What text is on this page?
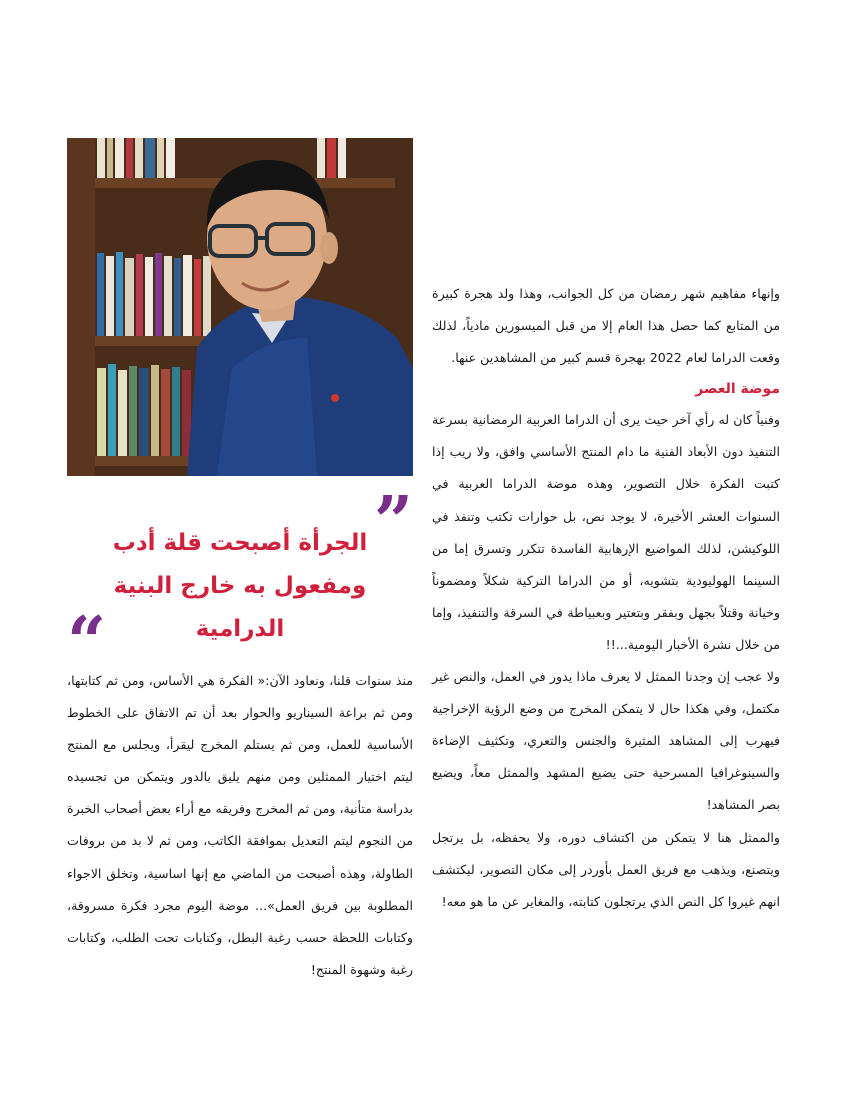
”

الجرأة أصبحت قلة أدب
ومفعول به خارج البنية
الدرامية

“

وإنهاء مفاهيم شهر رمضان من كل الجوانب، وهذا ولد هجرة كبيرة من المتابع كما حصل هذا العام إلا من قبل الميسورين مادياً، لذلك وقعت الدراما لعام 2022 بهجرة قسم كبير من المشاهدين عنها.

موضة العصر

وفنياً كان له رأي آخر حيث يرى أن الدراما العربية الرمضانية بسرعة التنفيذ دون الأبعاد الفنية ما دام المنتج الأساسي وافق، ولا ريب إذا كتبت الفكرة خلال التصوير، وهذه موضة الدراما العربية في السنوات العشر الأخيرة، لا يوجد نص، بل حوارات تكتب وتنفذ في اللوكيشن، لذلك المواضيع الإرهابية الفاسدة تتكرر وتسرق إما من السينما الهوليودية بتشويه، أو من الدراما التركية شكلاً ومضموناً وخيانة وقتلاً بجهل وبفقر وبتعتير وبعبياطة في السرقة والتنفيذ، وإما من خلال نشرة الأخبار اليومية...!!

ولا عجب إن وجدنا الممثل لا يعرف ماذا يدور في العمل، والنص غير مكتمل، وفي هكذا حال لا يتمكن المخرج من وضع الرؤية الإخراجية فيهرب إلى المشاهد المثيرة والجنس والتعري، وتكثيف الإضاءة والسينوغرافيا المسرحية حتى يضيع المشهد والممثل معاً، ويضيع بصر المشاهد!

والممثل هنا لا يتمكن من اكتشاف دوره، ولا يحفظه، بل يرتجل ويتصنع، ويذهب مع فريق العمل بأوردر إلى مكان التصوير، ليكتشف انهم غيروا كل النص الذي يرتجلون كتابته، والمغاير عن ما هو معه!

منذ سنوات قلنا، ونعاود الآن:« الفكرة هي الأساس، ومن ثم كتابتها، ومن ثم براعة السيناريو والحوار بعد أن تم الاتفاق على الخطوط الأساسية للعمل، ومن ثم يستلم المخرج ليقرأ، ويجلس مع المنتج ليتم اختيار الممثلين ومن منهم يليق بالدور ويتمكن من تجسيده بدراسة متأنية، ومن ثم المخرج وفريقه مع أراء بعض أصحاب الخبرة من النجوم ليتم التعديل بموافقة الكاتب، ومن ثم لا بد من بروفات الطاولة، وهذه أصبحت من الماضي مع إنها اساسية، وتخلق الاجواء المطلوبة بين فريق العمل»... موضة اليوم مجرد فكرة مسروقة، وكتابات اللحظة حسب رغبة البطل، وكتابات تحت الطلب، وكتابات رغبة وشهوة المنتج!
